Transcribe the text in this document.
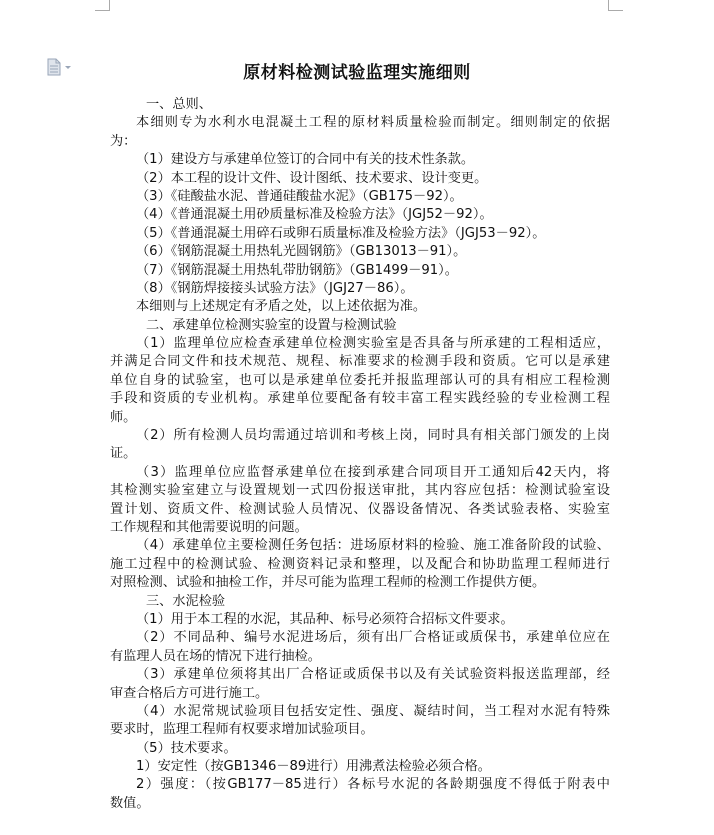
原材料检测试验监理实施细则
一、总则、
本细则专为水利水电混凝土工程的原材料质量检验而制定。细则制定的依据
为：
（1）建设方与承建单位签订的合同中有关的技术性条款。
（2）本工程的设计文件、设计图纸、技术要求、设计变更。
（3）《硅酸盐水泥、普通硅酸盐水泥》（GB175－92）。
（4）《普通混凝土用砂质量标准及检验方法》（JGJ52－92）。
（5）《普通混凝土用碎石或卵石质量标准及检验方法》（JGJ53－92）。
（6）《钢筋混凝土用热轧光圆钢筋》（GB13013－91）。
（7）《钢筋混凝土用热轧带肋钢筋》（GB1499－91）。
（8）《钢筋焊接接头试验方法》（JGJ27－86）。
本细则与上述规定有矛盾之处，以上述依据为准。
二、承建单位检测实验室的设置与检测试验
（1）监理单位应检查承建单位检测实验室是否具备与所承建的工程相适应，
并满足合同文件和技术规范、规程、标准要求的检测手段和资质。它可以是承建
单位自身的试验室，也可以是承建单位委托并报监理部认可的具有相应工程检测
手段和资质的专业机构。承建单位要配备有较丰富工程实践经验的专业检测工程
师。
（2）所有检测人员均需通过培训和考核上岗，同时具有相关部门颁发的上岗
证。
（3）监理单位应监督承建单位在接到承建合同项目开工通知后42天内，将
其检测实验室建立与设置规划一式四份报送审批，其内容应包括：检测试验室设
置计划、资质文件、检测试验人员情况、仪器设备情况、各类试验表格、实验室
工作规程和其他需要说明的问题。
（4）承建单位主要检测任务包括：进场原材料的检验、施工准备阶段的试验、
施工过程中的检测试验、检测资料记录和整理，以及配合和协助监理工程师进行
对照检测、试验和抽检工作，并尽可能为监理工程师的检测工作提供方便。
三、水泥检验
（1）用于本工程的水泥，其品种、标号必须符合招标文件要求。
（2）不同品种、编号水泥进场后，须有出厂合格证或质保书，承建单位应在
有监理人员在场的情况下进行抽检。
（3）承建单位须将其出厂合格证或质保书以及有关试验资料报送监理部，经
审查合格后方可进行施工。
（4）水泥常规试验项目包括安定性、强度、凝结时间，当工程对水泥有特殊
要求时，监理工程师有权要求增加试验项目。
（5）技术要求。
1）安定性（按GB1346－89进行）用沸煮法检验必须合格。
2）强度：（按GB177－85进行）各标号水泥的各龄期强度不得低于附表中
数值。
